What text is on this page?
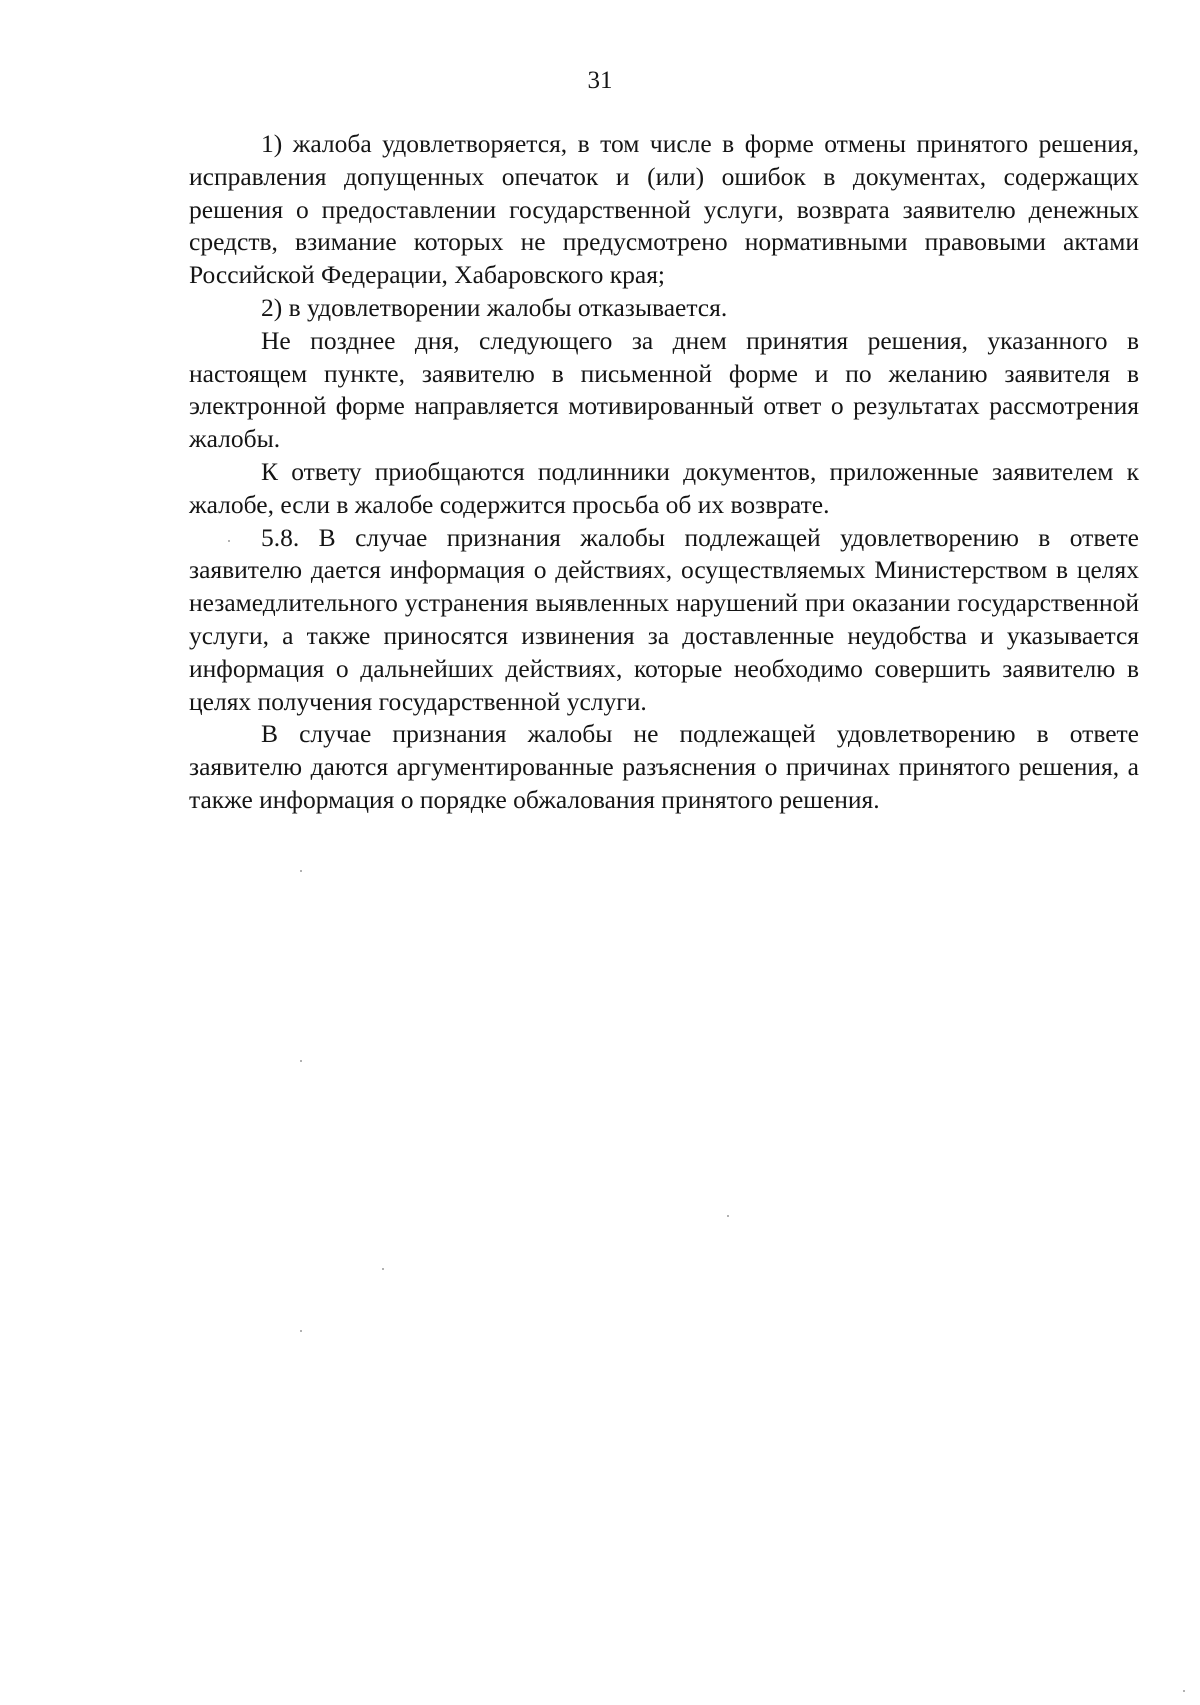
31

1) жалоба удовлетворяется, в том числе в форме отмены принятого решения, исправления допущенных опечаток и (или) ошибок в документах, содержащих решения о предоставлении государственной услуги, возврата заявителю денежных средств, взимание которых не предусмотрено нормативными правовыми актами Российской Федерации, Хабаровского края;

2) в удовлетворении жалобы отказывается.

Не позднее дня, следующего за днем принятия решения, указанного в настоящем пункте, заявителю в письменной форме и по желанию заявителя в электронной форме направляется мотивированный ответ о результатах рассмотрения жалобы.

К ответу приобщаются подлинники документов, приложенные заявителем к жалобе, если в жалобе содержится просьба об их возврате.

5.8. В случае признания жалобы подлежащей удовлетворению в ответе заявителю дается информация о действиях, осуществляемых Министерством в целях незамедлительного устранения выявленных нарушений при оказании государственной услуги, а также приносятся извинения за доставленные неудобства и указывается информация о дальнейших действиях, которые необходимо совершить заявителю в целях получения государственной услуги.

В случае признания жалобы не подлежащей удовлетворению в ответе заявителю даются аргументированные разъяснения о причинах принятого решения, а также информация о порядке обжалования принятого решения.
